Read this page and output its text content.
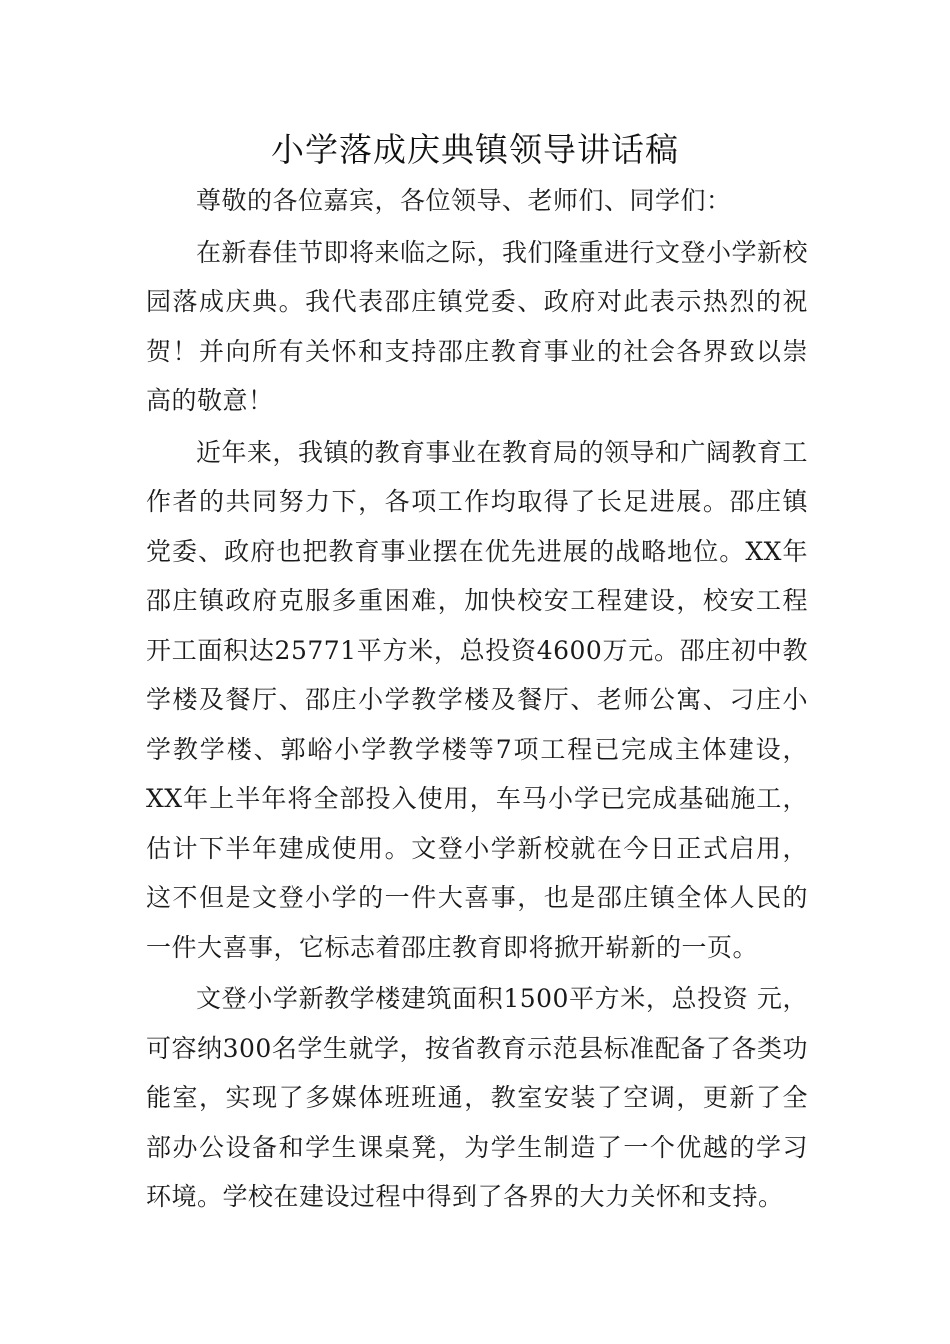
小学落成庆典镇领导讲话稿

尊敬的各位嘉宾，各位领导、老师们、同学们：

在新春佳节即将来临之际，我们隆重进行文登小学新校园落成庆典。我代表邵庄镇党委、政府对此表示热烈的祝贺！并向所有关怀和支持邵庄教育事业的社会各界致以崇高的敬意！

近年来，我镇的教育事业在教育局的领导和广阔教育工作者的共同努力下，各项工作均取得了长足进展。邵庄镇党委、政府也把教育事业摆在优先进展的战略地位。XX年邵庄镇政府克服多重困难，加快校安工程建设，校安工程开工面积达25771平方米，总投资4600万元。邵庄初中教学楼及餐厅、邵庄小学教学楼及餐厅、老师公寓、刁庄小学教学楼、郭峪小学教学楼等7项工程已完成主体建设，XX年上半年将全部投入使用，车马小学已完成基础施工，估计下半年建成使用。文登小学新校就在今日正式启用，这不但是文登小学的一件大喜事，也是邵庄镇全体人民的一件大喜事，它标志着邵庄教育即将掀开崭新的一页。

文登小学新教学楼建筑面积1500平方米，总投资 元，可容纳300名学生就学，按省教育示范县标准配备了各类功能室，实现了多媒体班班通，教室安装了空调，更新了全部办公设备和学生课桌凳，为学生制造了一个优越的学习环境。学校在建设过程中得到了各界的大力关怀和支持。
